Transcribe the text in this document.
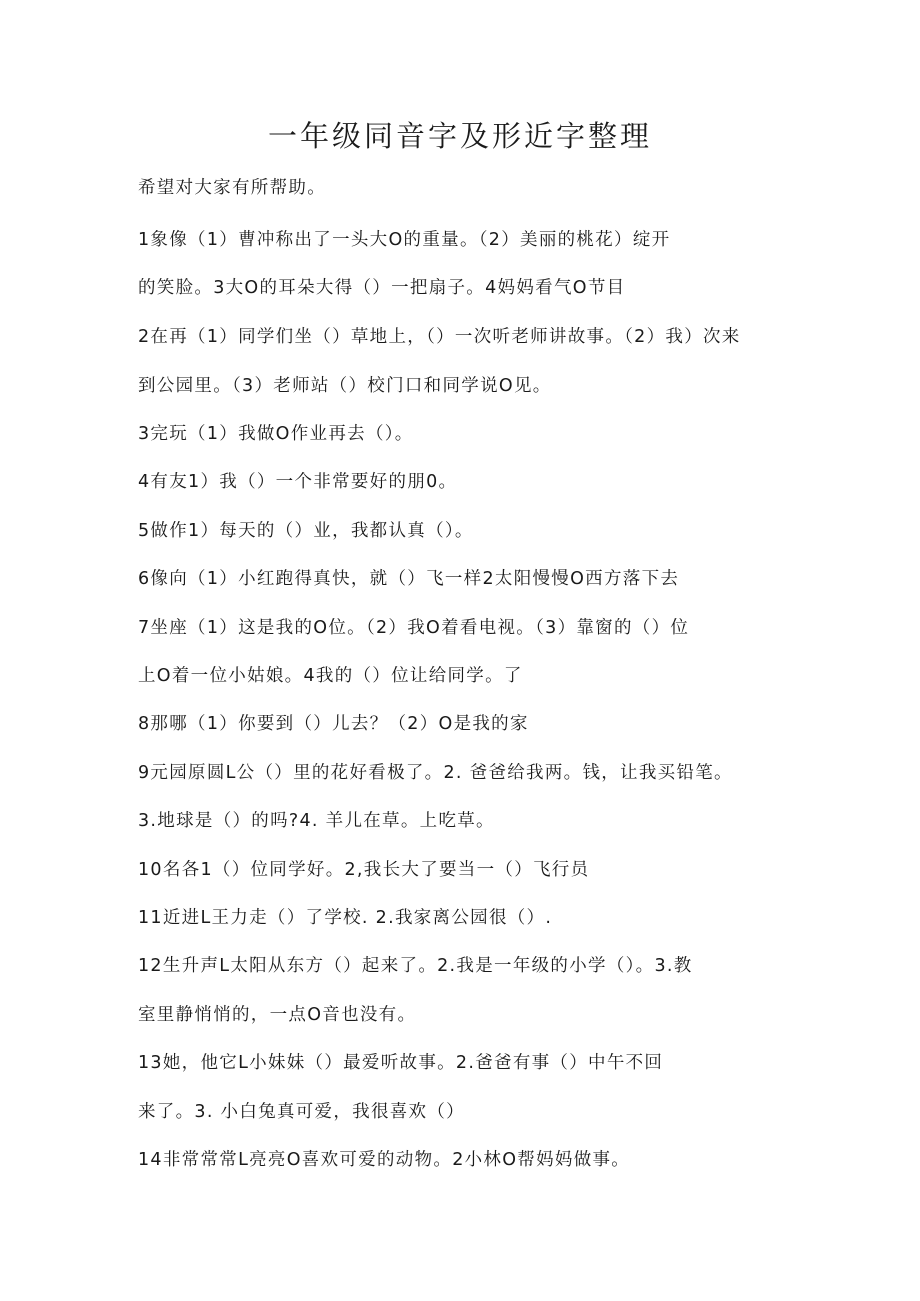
一年级同音字及形近字整理
希望对大家有所帮助。
1象像（1）曹冲称出了一头大O的重量。（2）美丽的桃花）绽开
的笑脸。3大O的耳朵大得（）一把扇子。4妈妈看气O节目
2在再（1）同学们坐（）草地上，（）一次听老师讲故事。（2）我）次来
到公园里。（3）老师站（）校门口和同学说O见。
3完玩（1）我做O作业再去（）。
4有友1）我（）一个非常要好的朋0。
5做作1）每天的（）业，我都认真（）。
6像向（1）小红跑得真快，就（）飞一样2太阳慢慢O西方落下去
7坐座（1）这是我的O位。（2）我O着看电视。（3）靠窗的（）位
上O着一位小姑娘。4我的（）位让给同学。了
8那哪（1）你要到（）儿去？（2）O是我的家
9元园原圆L公（）里的花好看极了。2. 爸爸给我两。钱，让我买铅笔。
3.地球是（）的吗?4. 羊儿在草。上吃草。
10名各1（）位同学好。2,我长大了要当一（）飞行员
11近进L王力走（）了学校. 2.我家离公园很（）.
12生升声L太阳从东方（）起来了。2.我是一年级的小学（）。3.教
室里静悄悄的，一点O音也没有。
13她，他它L小妹妹（）最爱听故事。2.爸爸有事（）中午不回
来了。3. 小白兔真可爱，我很喜欢（）
14非常常常L亮亮O喜欢可爱的动物。2小林O帮妈妈做事。
